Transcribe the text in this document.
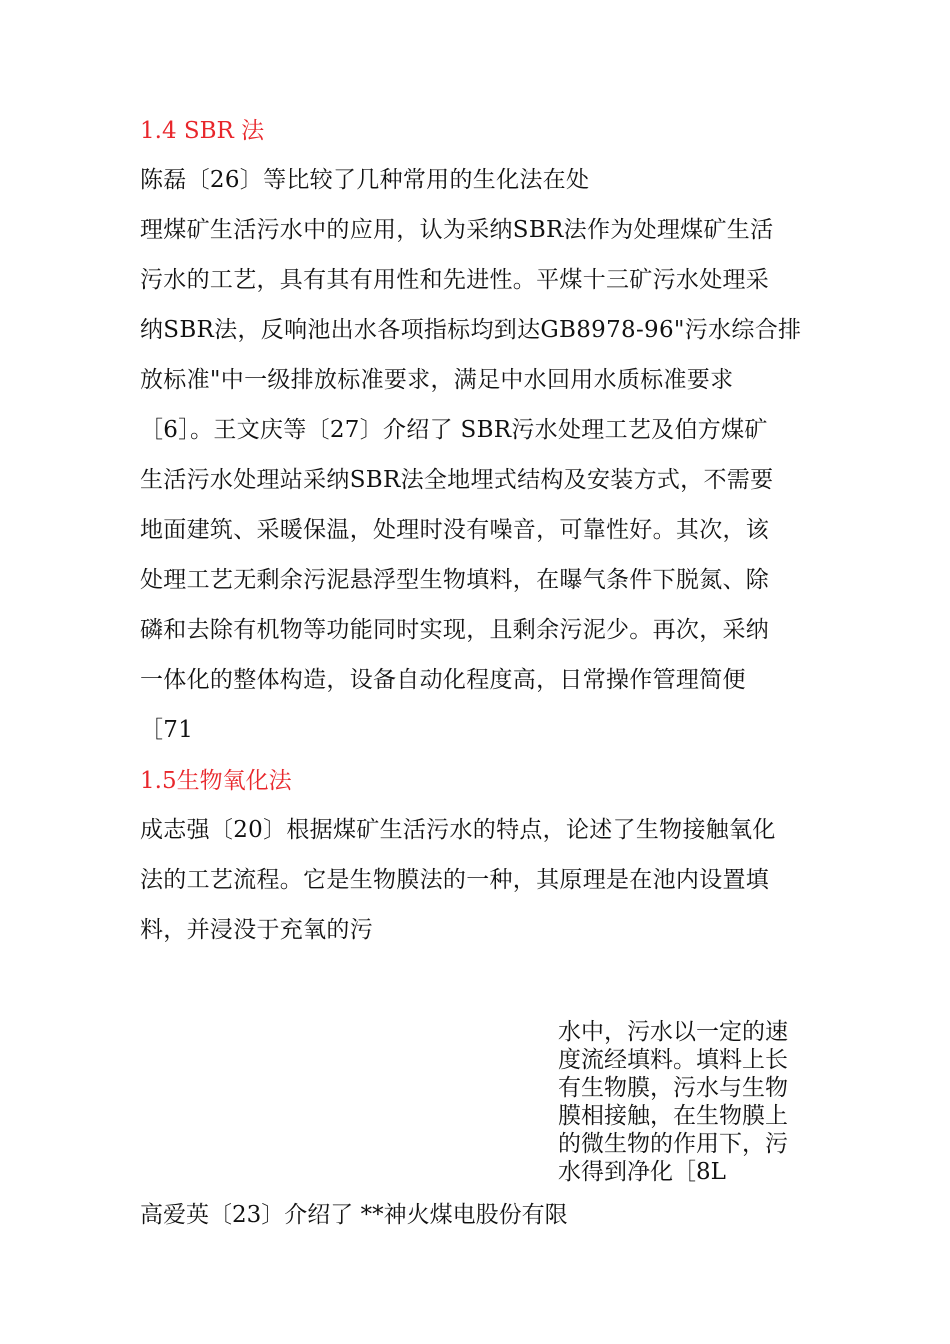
1.4 SBR 法
陈磊〔26〕等比较了几种常用的生化法在处
理煤矿生活污水中的应用，认为采纳SBR法作为处理煤矿生活
污水的工艺，具有其有用性和先进性。平煤十三矿污水处理采
纳SBR法，反响池出水各项指标均到达GB8978-96"污水综合排
放标准"中一级排放标准要求，满足中水回用水质标准要求
［6］。王文庆等〔27〕介绍了 SBR污水处理工艺及伯方煤矿
生活污水处理站采纳SBR法全地埋式结构及安装方式，不需要
地面建筑、采暖保温，处理时没有噪音，可靠性好。其次，该
处理工艺无剩余污泥悬浮型生物填料，在曝气条件下脱氮、除
磷和去除有机物等功能同时实现，且剩余污泥少。再次，采纳
一体化的整体构造，设备自动化程度高，日常操作管理简便
［71
1.5生物氧化法
成志强〔20〕根据煤矿生活污水的特点，论述了生物接触氧化
法的工艺流程。它是生物膜法的一种，其原理是在池内设置填
料，并浸没于充氧的污
水中，污水以一定的速
度流经填料。填料上长
有生物膜，污水与生物
膜相接触，在生物膜上
的微生物的作用下，污
水得到净化［8L
高爱英〔23〕介绍了 **神火煤电股份有限
